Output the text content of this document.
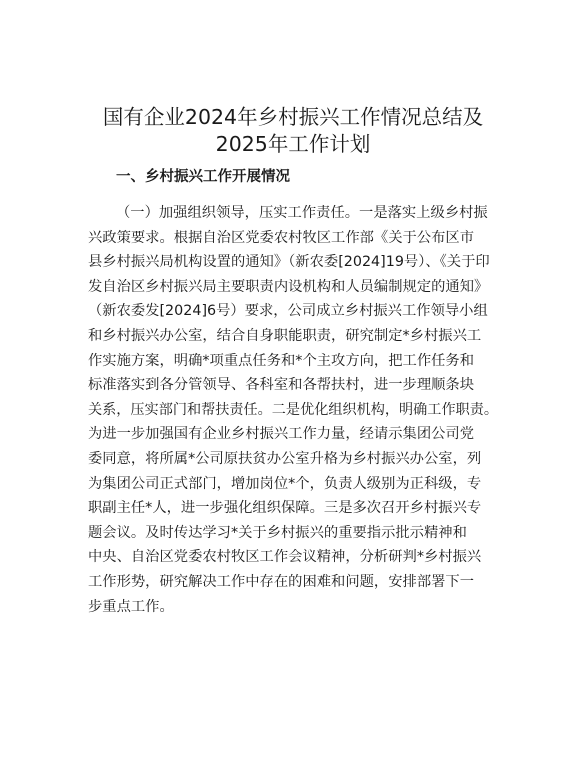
国有企业2024年乡村振兴工作情况总结及
2025年工作计划
一、乡村振兴工作开展情况
（一）加强组织领导，压实工作责任。一是落实上级乡村振
兴政策要求。根据自治区党委农村牧区工作部《关于公布区市
县乡村振兴局机构设置的通知》（新农委[2024]19号）、《关于印
发自治区乡村振兴局主要职责内设机构和人员编制规定的通知》
（新农委发[2024]6号）要求，公司成立乡村振兴工作领导小组
和乡村振兴办公室，结合自身职能职责，研究制定*乡村振兴工
作实施方案，明确*项重点任务和*个主攻方向，把工作任务和
标准落实到各分管领导、各科室和各帮扶村，进一步理顺条块
关系，压实部门和帮扶责任。二是优化组织机构，明确工作职责。
为进一步加强国有企业乡村振兴工作力量，经请示集团公司党
委同意，将所属*公司原扶贫办公室升格为乡村振兴办公室，列
为集团公司正式部门，增加岗位*个，负责人级别为正科级，专
职副主任*人，进一步强化组织保障。三是多次召开乡村振兴专
题会议。及时传达学习*关于乡村振兴的重要指示批示精神和
中央、自治区党委农村牧区工作会议精神，分析研判*乡村振兴
工作形势，研究解决工作中存在的困难和问题，安排部署下一
步重点工作。
